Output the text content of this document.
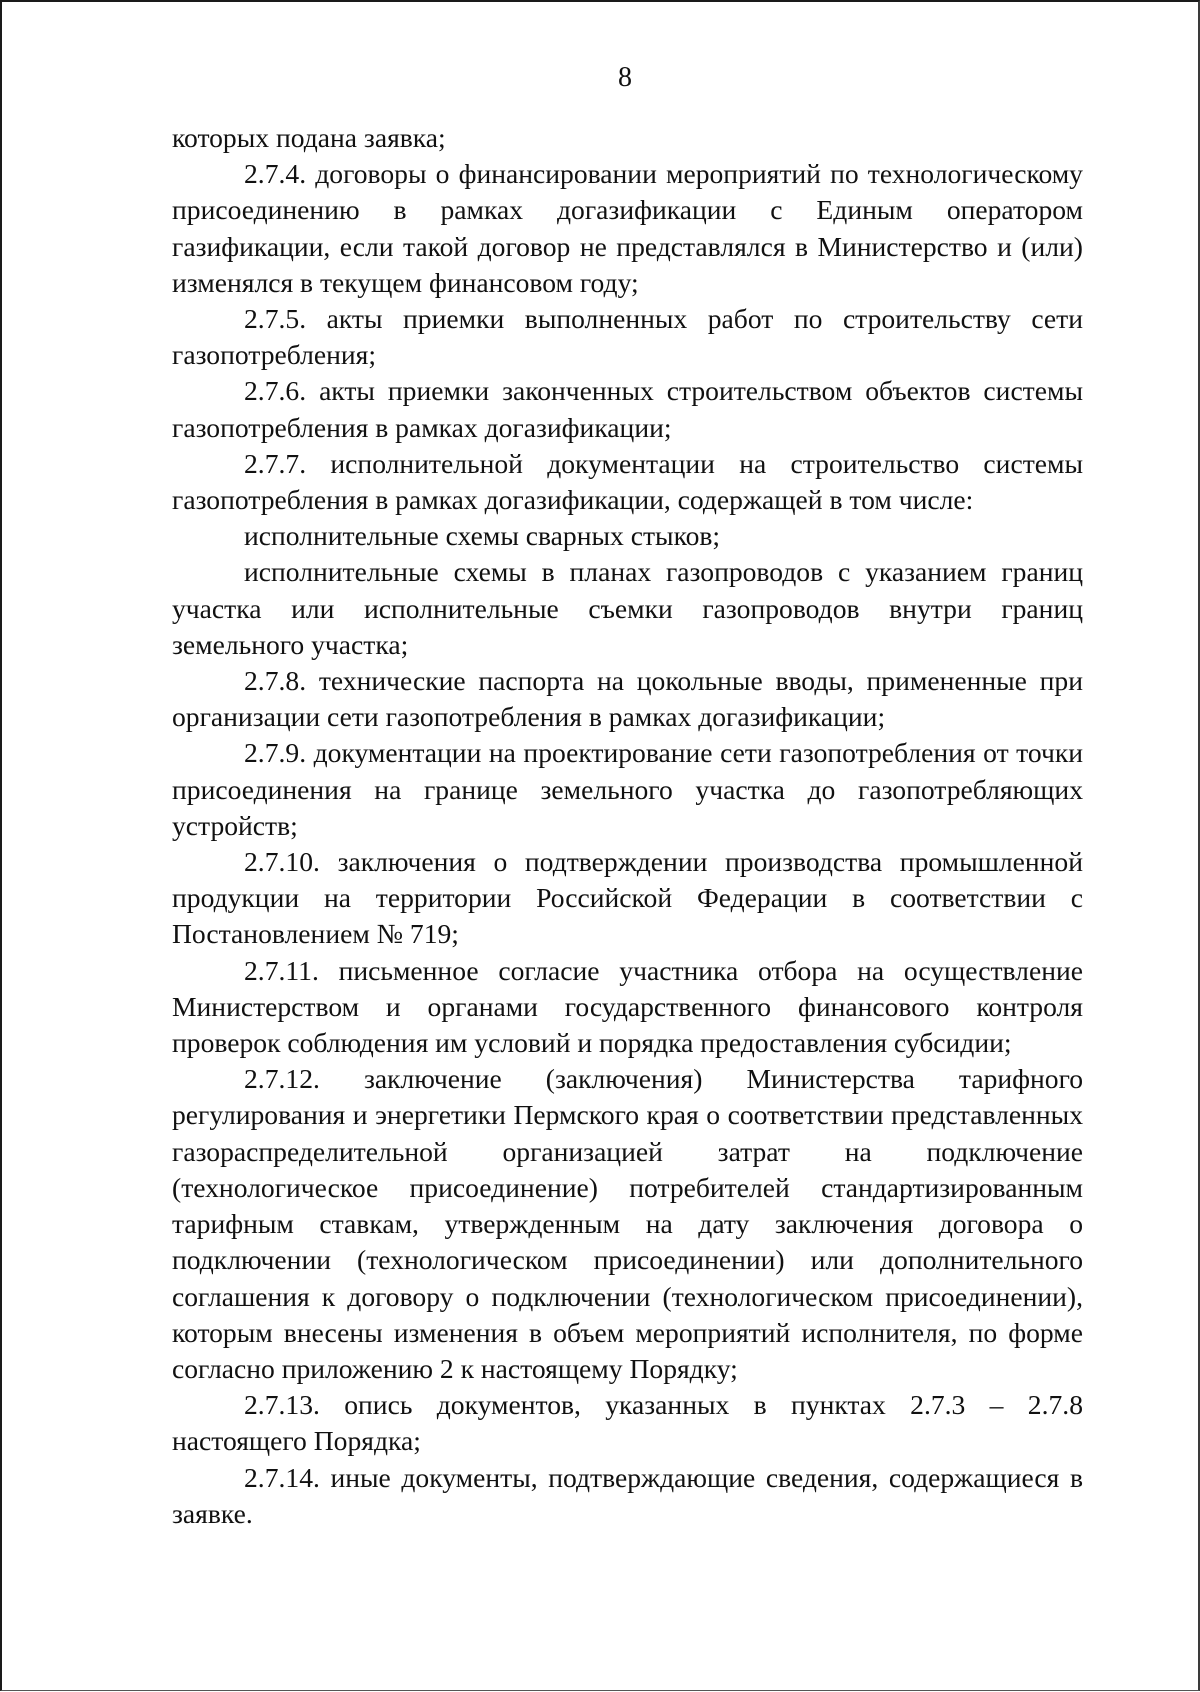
8

которых подана заявка;

2.7.4. договоры о финансировании мероприятий по технологическому присоединению в рамках догазификации с Единым оператором газификации, если такой договор не представлялся в Министерство и (или) изменялся в текущем финансовом году;

2.7.5. акты приемки выполненных работ по строительству сети газопотребления;

2.7.6. акты приемки законченных строительством объектов системы газопотребления в рамках догазификации;

2.7.7. исполнительной документации на строительство системы газопотребления в рамках догазификации, содержащей в том числе:

исполнительные схемы сварных стыков;

исполнительные схемы в планах газопроводов с указанием границ участка или исполнительные съемки газопроводов внутри границ земельного участка;

2.7.8. технические паспорта на цокольные вводы, примененные при организации сети газопотребления в рамках догазификации;

2.7.9. документации на проектирование сети газопотребления от точки присоединения на границе земельного участка до газопотребляющих устройств;

2.7.10. заключения о подтверждении производства промышленной продукции на территории Российской Федерации в соответствии с Постановлением № 719;

2.7.11. письменное согласие участника отбора на осуществление Министерством и органами государственного финансового контроля проверок соблюдения им условий и порядка предоставления субсидии;

2.7.12. заключение (заключения) Министерства тарифного регулирования и энергетики Пермского края о соответствии представленных газораспределительной организацией затрат на подключение (технологическое присоединение) потребителей стандартизированным тарифным ставкам, утвержденным на дату заключения договора о подключении (технологическом присоединении) или дополнительного соглашения к договору о подключении (технологическом присоединении), которым внесены изменения в объем мероприятий исполнителя, по форме согласно приложению 2 к настоящему Порядку;

2.7.13. опись документов, указанных в пунктах 2.7.3 – 2.7.8 настоящего Порядка;

2.7.14. иные документы, подтверждающие сведения, содержащиеся в заявке.
